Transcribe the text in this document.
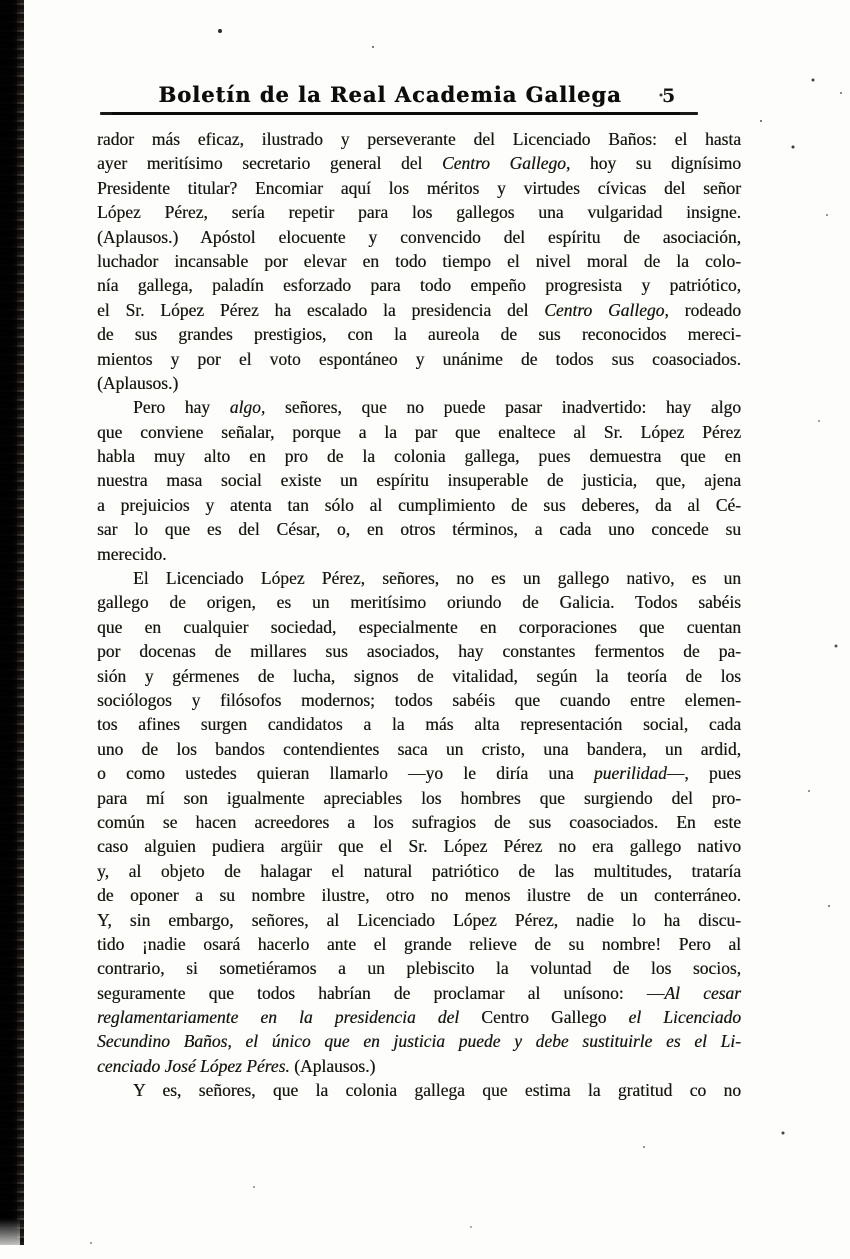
Boletín de la Real Academia Gallega	5
rador más eficaz, ilustrado y perseverante del Licenciado Baños: el hasta
ayer meritísimo secretario general del Centro Gallego, hoy su dignísimo
Presidente titular? Encomiar aquí los méritos y virtudes cívicas del señor
López Pérez, sería repetir para los gallegos una vulgaridad insigne.
(Aplausos.) Apóstol elocuente y convencido del espíritu de asociación,
luchador incansable por elevar en todo tiempo el nivel moral de la colo-
nía gallega, paladín esforzado para todo empeño progresista y patriótico,
el Sr. López Pérez ha escalado la presidencia del Centro Gallego, rodeado
de sus grandes prestigios, con la aureola de sus reconocidos mereci-
mientos y por el voto espontáneo y unánime de todos sus coasociados.
(Aplausos.)
Pero hay algo, señores, que no puede pasar inadvertido: hay algo
que conviene señalar, porque a la par que enaltece al Sr. López Pérez
habla muy alto en pro de la colonia gallega, pues demuestra que en
nuestra masa social existe un espíritu insuperable de justicia, que, ajena
a prejuicios y atenta tan sólo al cumplimiento de sus deberes, da al Cé-
sar lo que es del César, o, en otros términos, a cada uno concede su
merecido.
El Licenciado López Pérez, señores, no es un gallego nativo, es un
gallego de origen, es un meritísimo oriundo de Galicia. Todos sabéis
que en cualquier sociedad, especialmente en corporaciones que cuentan
por docenas de millares sus asociados, hay constantes fermentos de pa-
sión y gérmenes de lucha, signos de vitalidad, según la teoría de los
sociólogos y filósofos modernos; todos sabéis que cuando entre elemen-
tos afines surgen candidatos a la más alta representación social, cada
uno de los bandos contendientes saca un cristo, una bandera, un ardid,
o como ustedes quieran llamarlo —yo le diría una puerilidad—, pues
para mí son igualmente apreciables los hombres que surgiendo del pro-
común se hacen acreedores a los sufragios de sus coasociados. En este
caso alguien pudiera argüir que el Sr. López Pérez no era gallego nativo
y, al objeto de halagar el natural patriótico de las multitudes, trataría
de oponer a su nombre ilustre, otro no menos ilustre de un conterráneo.
Y, sin embargo, señores, al Licenciado López Pérez, nadie lo ha discu-
tido ¡nadie osará hacerlo ante el grande relieve de su nombre! Pero al
contrario, si sometiéramos a un plebiscito la voluntad de los socios,
seguramente que todos habrían de proclamar al unísono: —Al cesar
reglamentariamente en la presidencia del Centro Gallego el Licenciado
Secundino Baños, el único que en justicia puede y debe sustituirle es el Li-
cenciado José López Péres. (Aplausos.)
Y es, señores, que la colonia gallega que estima la gratitud co no
